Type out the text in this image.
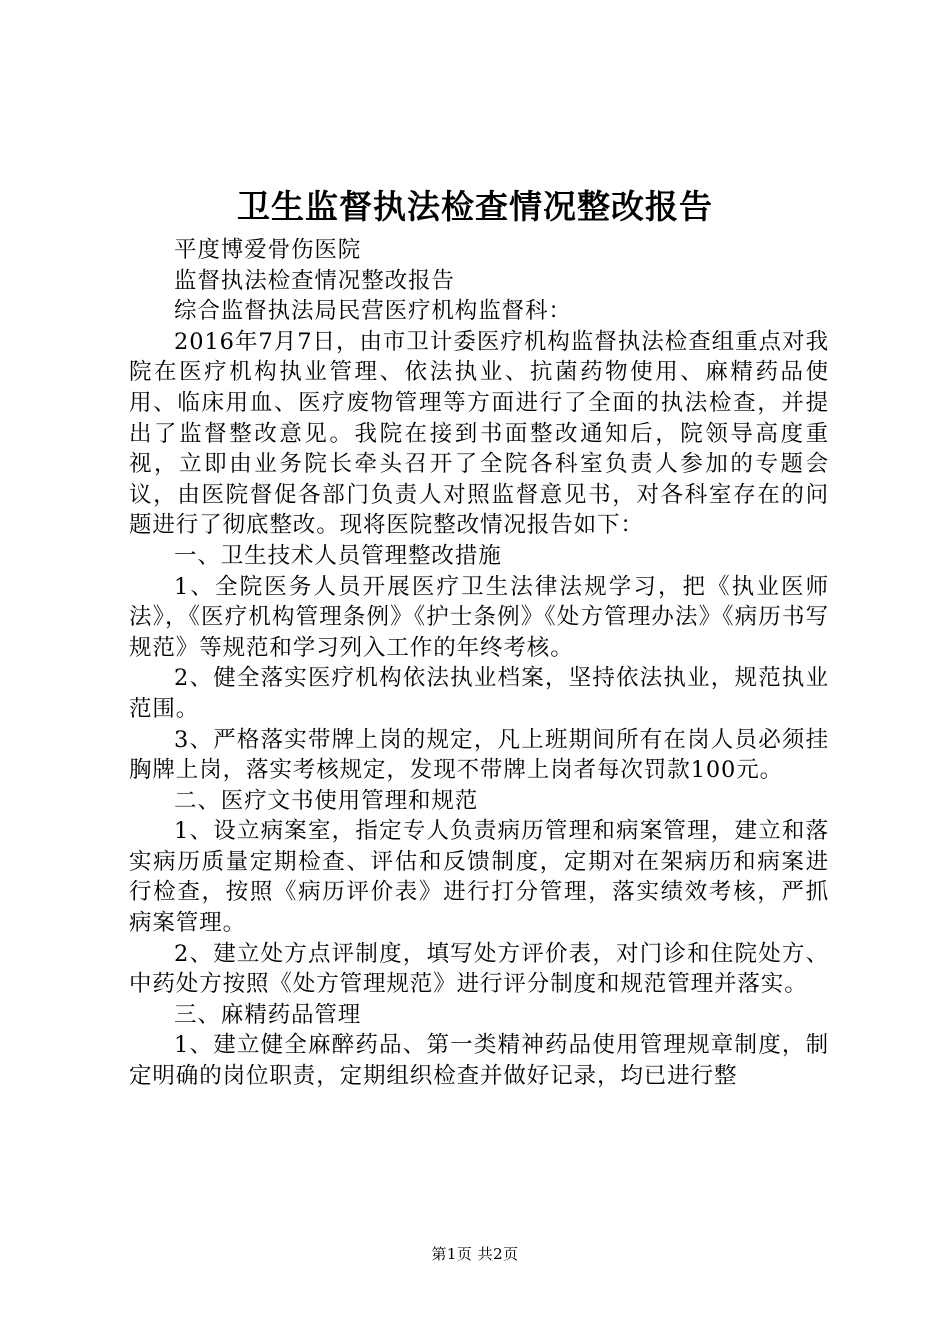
卫生监督执法检查情况整改报告

平度博爱骨伤医院

监督执法检查情况整改报告

综合监督执法局民营医疗机构监督科：

2016年7月7日，由市卫计委医疗机构监督执法检查组重点对我院在医疗机构执业管理、依法执业、抗菌药物使用、麻精药品使用、临床用血、医疗废物管理等方面进行了全面的执法检查，并提出了监督整改意见。我院在接到书面整改通知后，院领导高度重视，立即由业务院长牵头召开了全院各科室负责人参加的专题会议，由医院督促各部门负责人对照监督意见书，对各科室存在的问题进行了彻底整改。现将医院整改情况报告如下：

一、卫生技术人员管理整改措施

1、全院医务人员开展医疗卫生法律法规学习，把《执业医师法》，《医疗机构管理条例》《护士条例》《处方管理办法》《病历书写规范》等规范和学习列入工作的年终考核。

2、健全落实医疗机构依法执业档案，坚持依法执业，规范执业范围。

3、严格落实带牌上岗的规定，凡上班期间所有在岗人员必须挂胸牌上岗，落实考核规定，发现不带牌上岗者每次罚款100元。

二、医疗文书使用管理和规范

1、设立病案室，指定专人负责病历管理和病案管理，建立和落实病历质量定期检查、评估和反馈制度，定期对在架病历和病案进行检查，按照《病历评价表》进行打分管理，落实绩效考核，严抓病案管理。

2、建立处方点评制度，填写处方评价表，对门诊和住院处方、中药处方按照《处方管理规范》进行评分制度和规范管理并落实。

三、麻精药品管理

1、建立健全麻醉药品、第一类精神药品使用管理规章制度，制定明确的岗位职责，定期组织检查并做好记录，均已进行整

第1页 共2页
